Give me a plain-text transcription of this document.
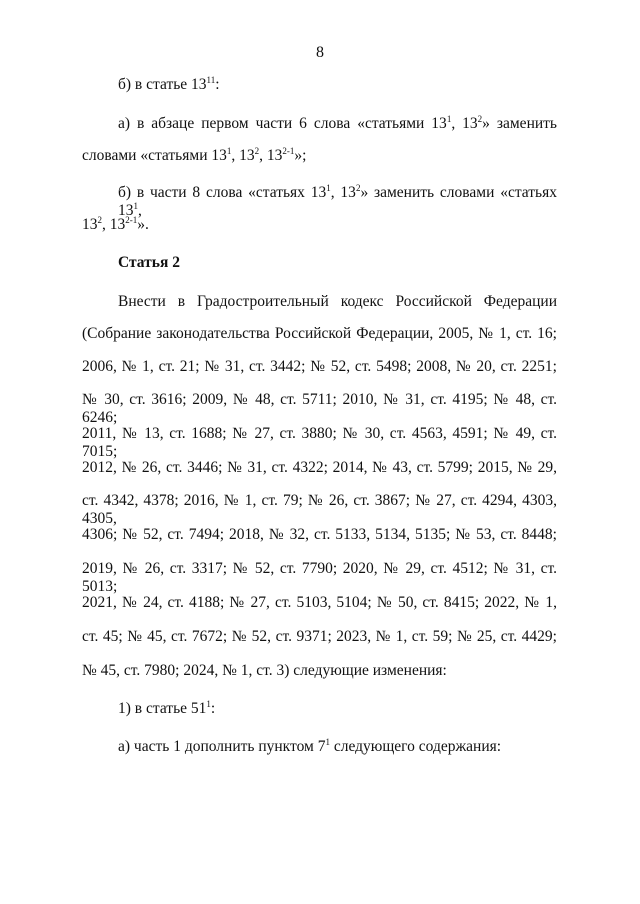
8
б) в статье $13^{11}$:
а) в абзаце первом части 6 слова «статьями $13^1$, $13^2$» заменить
словами «статьями $13^1$, $13^2$, 13$^{2-1}$»;
б) в части 8 слова «статьях $13^1$, $13^2$» заменить словами «статьях $13^1$,
$13^2$, 13$^{2-1}$».
Статья 2
Внести в Градостроительный кодекс Российской Федерации
(Собрание законодательства Российской Федерации, 2005, № 1, ст. 16;
2006, № 1, ст. 21; № 31, ст. 3442; № 52, ст. 5498; 2008, № 20, ст. 2251;
№ 30, ст. 3616; 2009, № 48, ст. 5711; 2010, № 31, ст. 4195; № 48, ст. 6246;
2011, № 13, ст. 1688; № 27, ст. 3880; № 30, ст. 4563, 4591; № 49, ст. 7015;
2012, № 26, ст. 3446; № 31, ст. 4322; 2014, № 43, ст. 5799; 2015, № 29,
ст. 4342, 4378; 2016, № 1, ст. 79; № 26, ст. 3867; № 27, ст. 4294, 4303, 4305,
4306; № 52, ст. 7494; 2018, № 32, ст. 5133, 5134, 5135; № 53, ст. 8448;
2019, № 26, ст. 3317; № 52, ст. 7790; 2020, № 29, ст. 4512; № 31, ст. 5013;
2021, № 24, ст. 4188; № 27, ст. 5103, 5104; № 50, ст. 8415; 2022, № 1,
ст. 45; № 45, ст. 7672; № 52, ст. 9371; 2023, № 1, ст. 59; № 25, ст. 4429;
№ 45, ст. 7980; 2024, № 1, ст. 3) следующие изменения:
1) в статье $51^1$:
а) часть 1 дополнить пунктом $7^1$ следующего содержания:
